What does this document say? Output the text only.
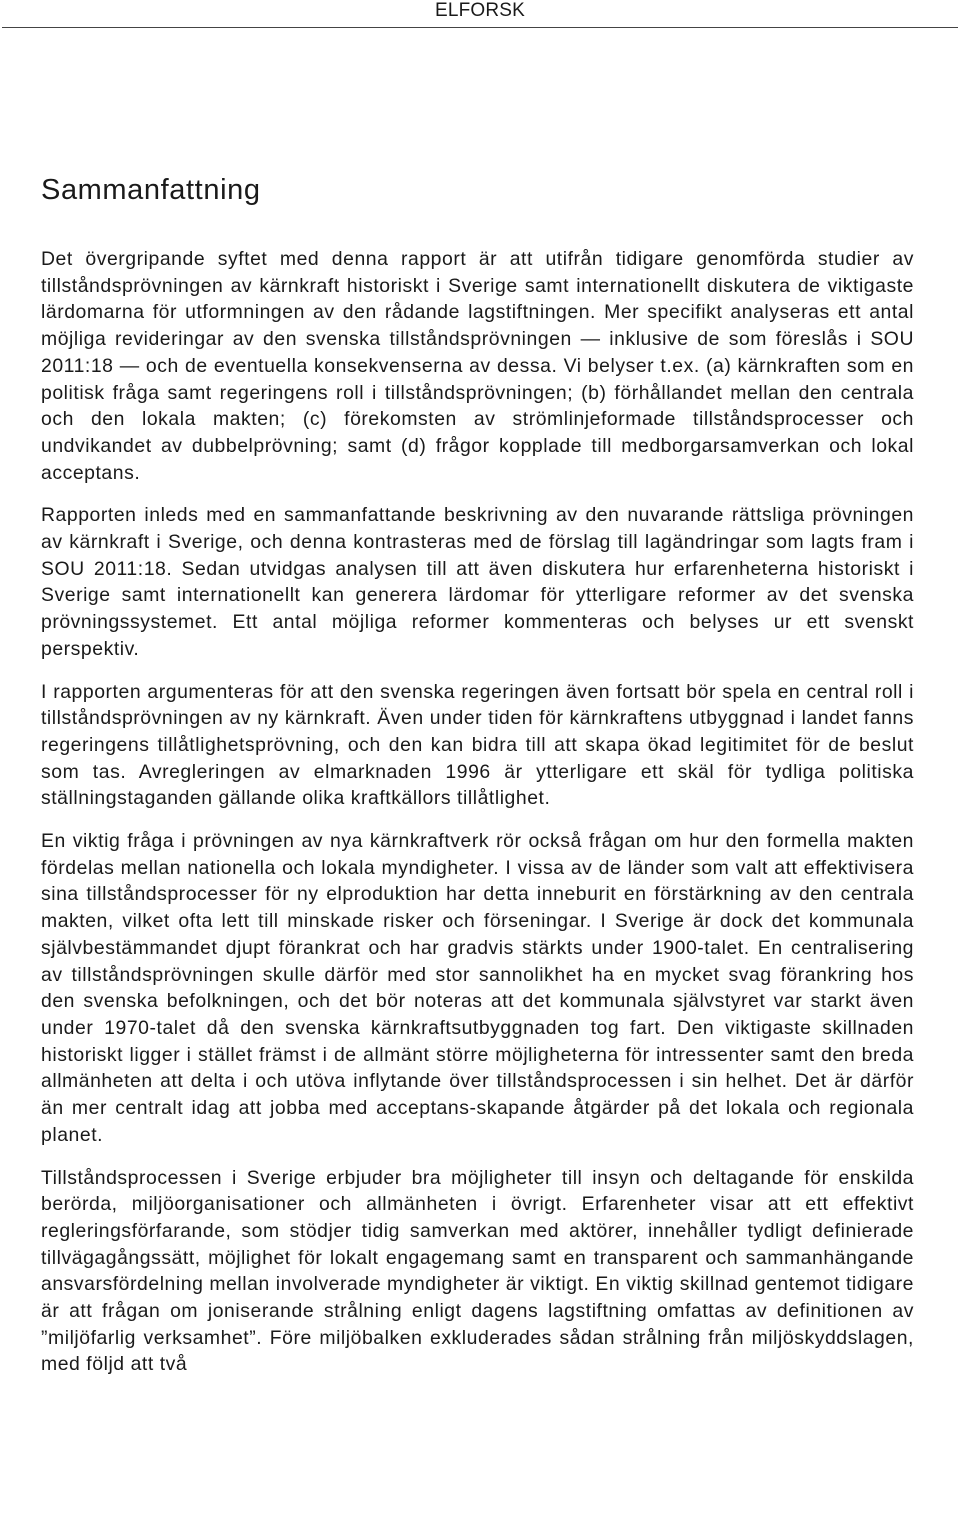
ELFORSK
Sammanfattning

Det övergripande syftet med denna rapport är att utifrån tidigare genomförda studier av tillståndsprövningen av kärnkraft historiskt i Sverige samt internationellt diskutera de viktigaste lärdomarna för utformningen av den rådande lagstiftningen. Mer specifikt analyseras ett antal möjliga revideringar av den svenska tillståndsprövningen — inklusive de som föreslås i SOU 2011:18 — och de eventuella konsekvenserna av dessa. Vi belyser t.ex. (a) kärnkraften som en politisk fråga samt regeringens roll i tillståndsprövningen; (b) förhållandet mellan den centrala och den lokala makten; (c) förekomsten av strömlinjeformade tillståndsprocesser och undvikandet av dubbelprövning; samt (d) frågor kopplade till medborgarsamverkan och lokal acceptans.

Rapporten inleds med en sammanfattande beskrivning av den nuvarande rättsliga prövningen av kärnkraft i Sverige, och denna kontrasteras med de förslag till lagändringar som lagts fram i SOU 2011:18. Sedan utvidgas analysen till att även diskutera hur erfarenheterna historiskt i Sverige samt internationellt kan generera lärdomar för ytterligare reformer av det svenska prövningssystemet. Ett antal möjliga reformer kommenteras och belyses ur ett svenskt perspektiv.

I rapporten argumenteras för att den svenska regeringen även fortsatt bör spela en central roll i tillståndsprövningen av ny kärnkraft. Även under tiden för kärnkraftens utbyggnad i landet fanns regeringens tillåtlighetsprövning, och den kan bidra till att skapa ökad legitimitet för de beslut som tas. Avregleringen av elmarknaden 1996 är ytterligare ett skäl för tydliga politiska ställningstaganden gällande olika kraftkällors tillåtlighet.

En viktig fråga i prövningen av nya kärnkraftverk rör också frågan om hur den formella makten fördelas mellan nationella och lokala myndigheter. I vissa av de länder som valt att effektivisera sina tillståndsprocesser för ny elproduktion har detta inneburit en förstärkning av den centrala makten, vilket ofta lett till minskade risker och förseningar. I Sverige är dock det kommunala självbestämmandet djupt förankrat och har gradvis stärkts under 1900-talet. En centralisering av tillståndsprövningen skulle därför med stor sannolikhet ha en mycket svag förankring hos den svenska befolkningen, och det bör noteras att det kommunala självstyret var starkt även under 1970-talet då den svenska kärnkraftsutbyggnaden tog fart. Den viktigaste skillnaden historiskt ligger i stället främst i de allmänt större möjligheterna för intressenter samt den breda allmänheten att delta i och utöva inflytande över tillståndsprocessen i sin helhet. Det är därför än mer centralt idag att jobba med acceptans-skapande åtgärder på det lokala och regionala planet.

Tillståndsprocessen i Sverige erbjuder bra möjligheter till insyn och deltagande för enskilda berörda, miljöorganisationer och allmänheten i övrigt. Erfarenheter visar att ett effektivt regleringsförfarande, som stödjer tidig samverkan med aktörer, innehåller tydligt definierade tillvägagångssätt, möjlighet för lokalt engagemang samt en transparent och sammanhängande ansvarsfördelning mellan involverade myndigheter är viktigt. En viktig skillnad gentemot tidigare är att frågan om joniserande strålning enligt dagens lagstiftning omfattas av definitionen av ”miljöfarlig verksamhet”. Före miljöbalken exkluderades sådan strålning från miljöskyddslagen, med följd att två
